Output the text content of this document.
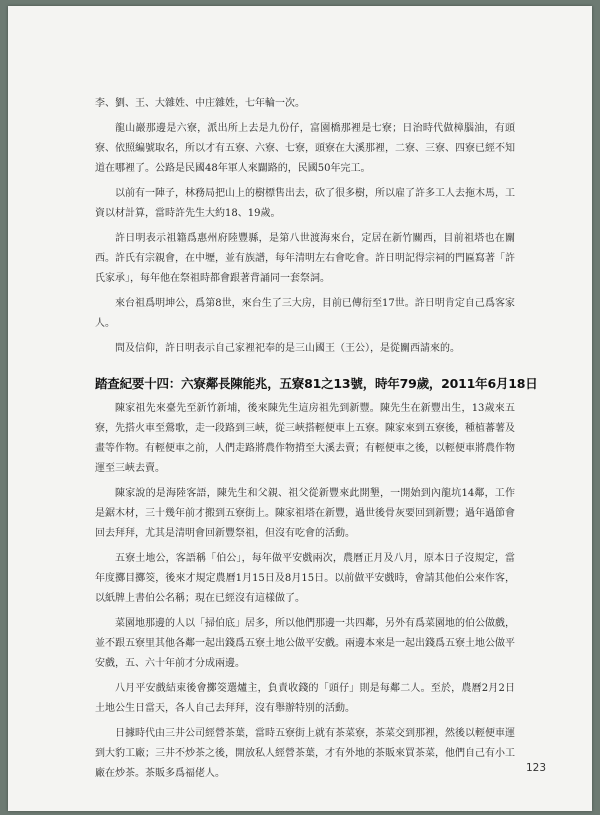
李、劉、王、大雜姓、中庄雜姓，七年輪一次。

龍山巖那邊是六寮，派出所上去是九份仔，富園橋那裡是七寮；日治時代做樟腦油，有頭寮、依照編號取名，所以才有五寮、六寮、七寮，頭寮在大溪那裡，二寮、三寮、四寮已經不知道在哪裡了。公路是民國48年軍人來闢路的，民國50年完工。

以前有一陣子，林務局把山上的樹標售出去，砍了很多樹，所以雇了許多工人去拖木馬，工資以材計算，當時許先生大約18、19歲。

許日明表示祖籍爲惠州府陸豐縣，是第八世渡海來台，定居在新竹關西，目前祖塔也在關西。許氏有宗親會，在中壢，並有族譜，每年清明左右會吃會。許日明記得宗祠的門匾寫著「許氏家承」，每年他在祭祖時都會跟著背誦同一套祭詞。

來台祖爲明坤公，爲第8世，來台生了三大房，目前已傳衍至17世。許日明肯定自己爲客家人。

問及信仰，許日明表示自己家裡祀奉的是三山國王（王公），是從關西請來的。

踏查紀要十四：六寮鄰長陳能兆，五寮81之13號，時年79歲，2011年6月18日

陳家祖先來臺先至新竹新埔，後來陳先生這房祖先到新豐。陳先生在新豐出生，13歲來五寮，先搭火車至鶯歌，走一段路到三峽，從三峽搭輕便車上五寮。陳家來到五寮後，種植蕃薯及畫等作物。有輕便車之前，人們走路將農作物揹至大溪去賣；有輕便車之後，以輕便車將農作物運至三峽去賣。

陳家說的是海陸客語，陳先生和父親、祖父從新豐來此開墾，一開始到內龍坑14鄰，工作是鋸木材，三十幾年前才搬到五寮街上。陳家祖塔在新豐，過世後骨灰要回到新豐；過年過節會回去拜拜，尤其是清明會回新豐祭祖，但沒有吃會的活動。

五寮土地公，客語稱「伯公」，每年做平安戲兩次，農曆正月及八月，原本日子沒規定，當年度擲目擲筊，後來才規定農曆1月15日及8月15日。以前做平安戲時，會請其他伯公來作客，以紙牌上書伯公名稱；現在已經沒有這樣做了。

菜園地那邊的人以「掃伯底」居多，所以他們那邊一共四鄰，另外有爲菜園地的伯公做戲，並不跟五寮里其他各鄰一起出錢爲五寮土地公做平安戲。兩邊本來是一起出錢爲五寮土地公做平安戲，五、六十年前才分成兩邊。

八月平安戲結束後會擲筊選爐主，負責收錢的「頭仔」則是每鄰二人。至於，農曆2月2日土地公生日當天，各人自己去拜拜，沒有舉辦特別的活動。

日據時代由三井公司經營茶葉，當時五寮街上就有茶菜寮，茶菜交到那裡，然後以輕便車運到大豹工廠；三井不炒茶之後，開放私人經營茶葉，才有外地的茶販來買茶菜，他們自己有小工廠在炒茶。茶販多爲福佬人。	123
